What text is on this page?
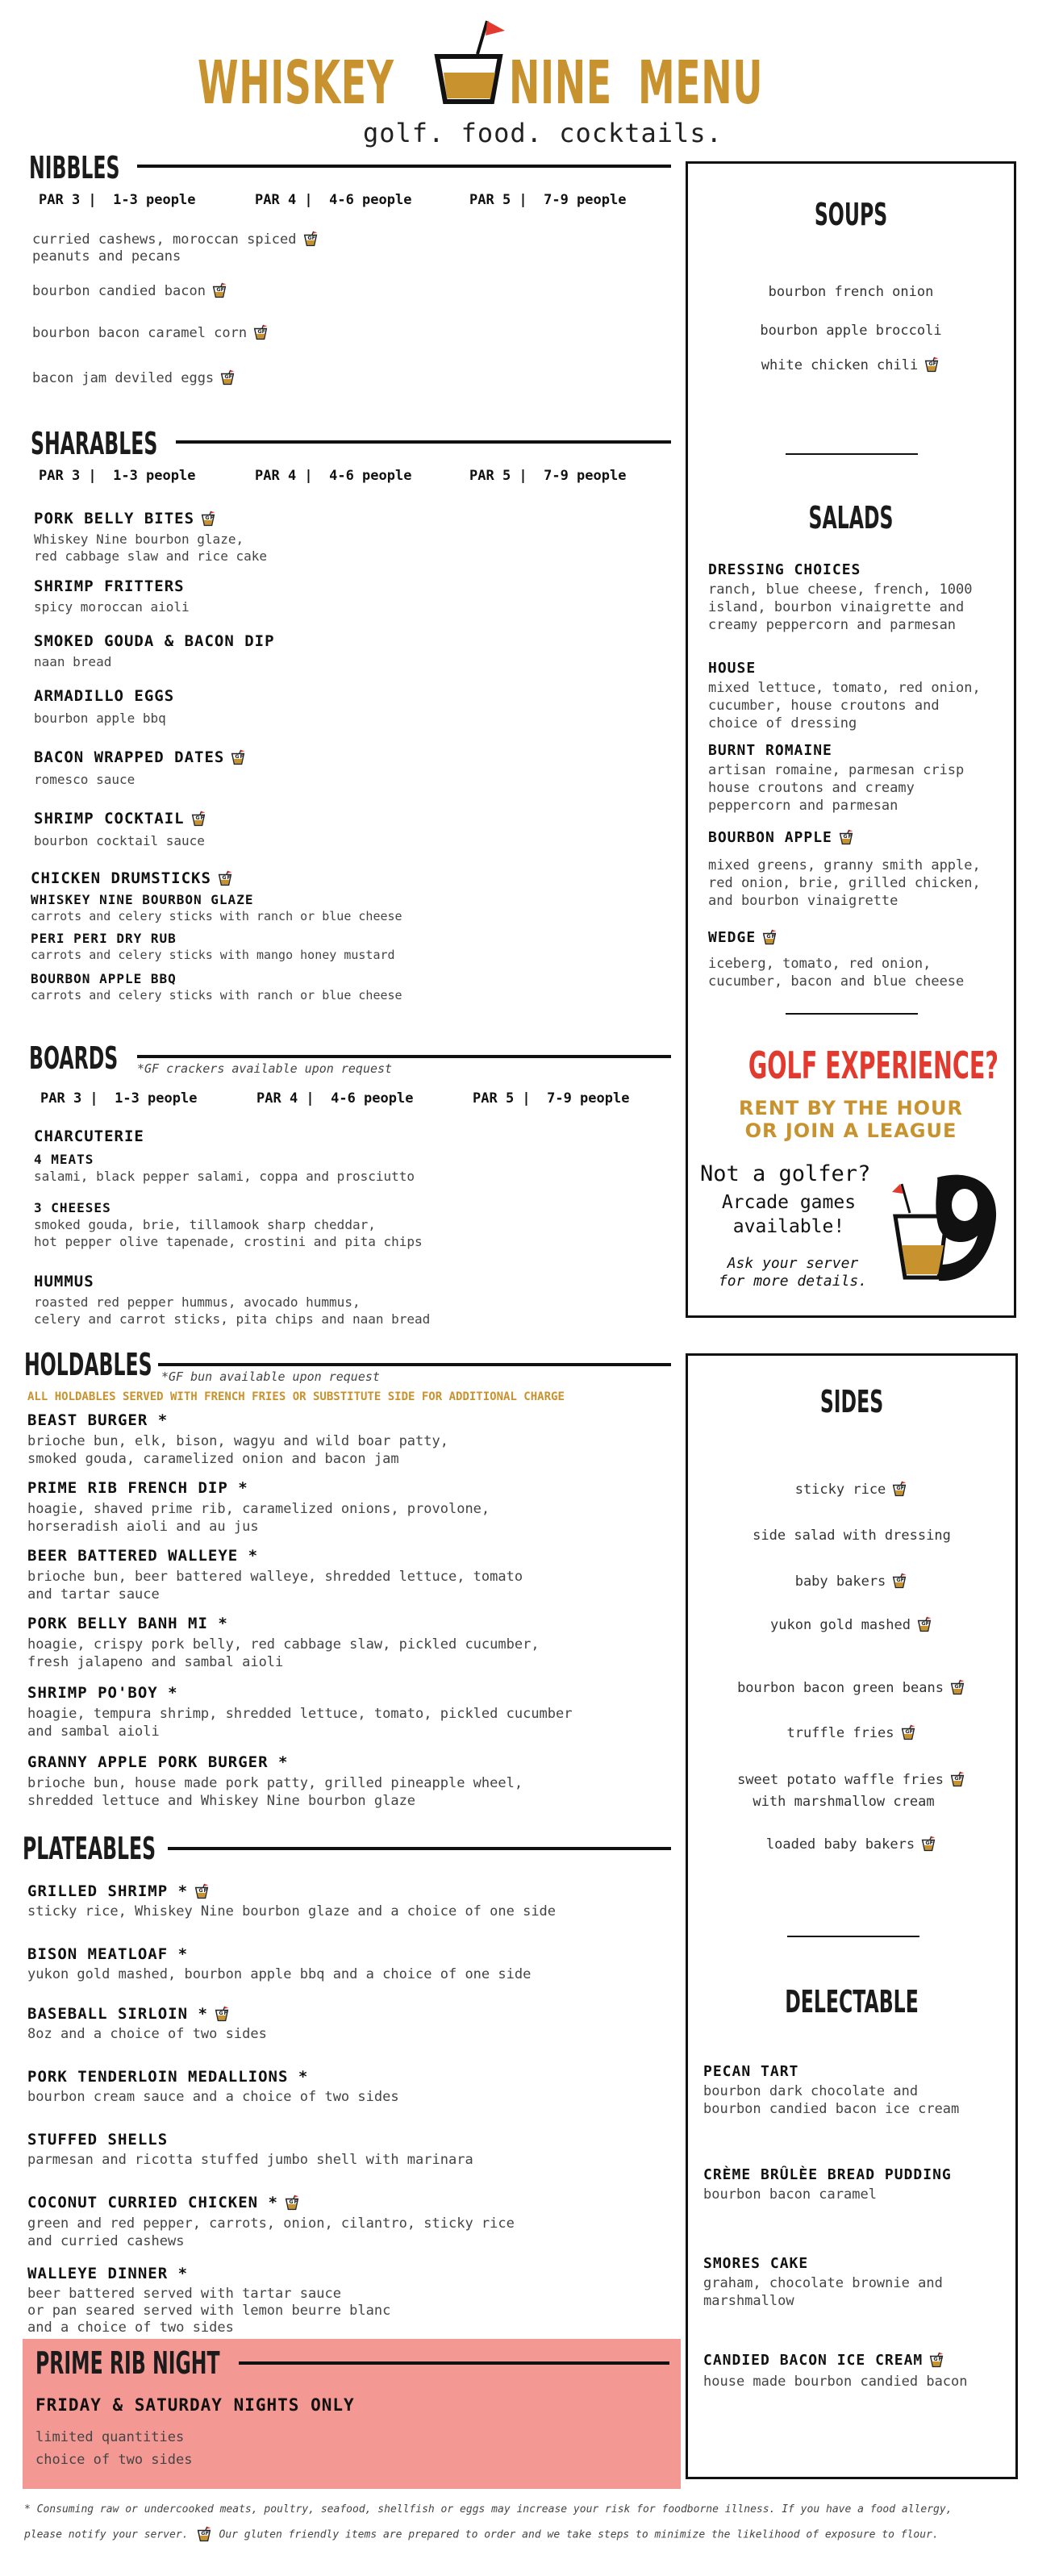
WHISKEY NINE MENU
golf. food. cocktails.
NIBBLES
PAR 3 |  1-3 people	PAR 4 |  4-6 people	PAR 5 |  7-9 people
curried cashews, moroccan spiced
peanuts and pecans
bourbon candied bacon
bourbon bacon caramel corn
bacon jam deviled eggs
SHARABLES
PAR 3 |  1-3 people	PAR 4 |  4-6 people	PAR 5 |  7-9 people
PORK BELLY BITES
Whiskey Nine bourbon glaze,
red cabbage slaw and rice cake
SHRIMP FRITTERS
spicy moroccan aioli
SMOKED GOUDA & BACON DIP
naan bread
ARMADILLO EGGS
bourbon apple bbq
BACON WRAPPED DATES
romesco sauce
SHRIMP COCKTAIL
bourbon cocktail sauce
CHICKEN DRUMSTICKS
WHISKEY NINE BOURBON GLAZE
carrots and celery sticks with ranch or blue cheese
PERI PERI DRY RUB
carrots and celery sticks with mango honey mustard
BOURBON APPLE BBQ
carrots and celery sticks with ranch or blue cheese
BOARDS *GF crackers available upon request
PAR 3 |  1-3 people	PAR 4 |  4-6 people	PAR 5 |  7-9 people
CHARCUTERIE
4 MEATS
salami, black pepper salami, coppa and prosciutto
3 CHEESES
smoked gouda, brie, tillamook sharp cheddar,
hot pepper olive tapenade, crostini and pita chips
HUMMUS
roasted red pepper hummus, avocado hummus,
celery and carrot sticks, pita chips and naan bread
HOLDABLES *GF bun available upon request
ALL HOLDABLES SERVED WITH FRENCH FRIES OR SUBSTITUTE SIDE FOR ADDITIONAL CHARGE
BEAST BURGER *
brioche bun, elk, bison, wagyu and wild boar patty,
smoked gouda, caramelized onion and bacon jam
PRIME RIB FRENCH DIP *
hoagie, shaved prime rib, caramelized onions, provolone,
horseradish aioli and au jus
BEER BATTERED WALLEYE *
brioche bun, beer battered walleye, shredded lettuce, tomato
and tartar sauce
PORK BELLY BANH MI *
hoagie, crispy pork belly, red cabbage slaw, pickled cucumber,
fresh jalapeno and sambal aioli
SHRIMP PO'BOY *
hoagie, tempura shrimp, shredded lettuce, tomato, pickled cucumber
and sambal aioli
GRANNY APPLE PORK BURGER *
brioche bun, house made pork patty, grilled pineapple wheel,
shredded lettuce and Whiskey Nine bourbon glaze
PLATEABLES
GRILLED SHRIMP *
sticky rice, Whiskey Nine bourbon glaze and a choice of one side
BISON MEATLOAF *
yukon gold mashed, bourbon apple bbq and a choice of one side
BASEBALL SIRLOIN *
8oz and a choice of two sides
PORK TENDERLOIN MEDALLIONS *
bourbon cream sauce and a choice of two sides
STUFFED SHELLS
parmesan and ricotta stuffed jumbo shell with marinara
COCONUT CURRIED CHICKEN *
green and red pepper, carrots, onion, cilantro, sticky rice
and curried cashews
WALLEYE DINNER *
beer battered served with tartar sauce
or pan seared served with lemon beurre blanc
and a choice of two sides
PRIME RIB NIGHT
FRIDAY & SATURDAY NIGHTS ONLY
limited quantities
choice of two sides
SOUPS
bourbon french onion
bourbon apple broccoli
white chicken chili
SALADS
DRESSING CHOICES
ranch, blue cheese, french, 1000
island, bourbon vinaigrette and
creamy peppercorn and parmesan
HOUSE
mixed lettuce, tomato, red onion,
cucumber, house croutons and
choice of dressing
BURNT ROMAINE
artisan romaine, parmesan crisp
house croutons and creamy
peppercorn and parmesan
BOURBON APPLE
mixed greens, granny smith apple,
red onion, brie, grilled chicken,
and bourbon vinaigrette
WEDGE
iceberg, tomato, red onion,
cucumber, bacon and blue cheese
GOLF EXPERIENCE?
RENT BY THE HOUR
OR JOIN A LEAGUE
Not a golfer?
Arcade games
available!
Ask your server
for more details.
SIDES
sticky rice
side salad with dressing
baby bakers
yukon gold mashed
bourbon bacon green beans
truffle fries
sweet potato waffle fries
with marshmallow cream
loaded baby bakers
DELECTABLE
PECAN TART
bourbon dark chocolate and
bourbon candied bacon ice cream
CRÈME BRÛLÈE BREAD PUDDING
bourbon bacon caramel
SMORES CAKE
graham, chocolate brownie and
marshmallow
CANDIED BACON ICE CREAM
house made bourbon candied bacon
* Consuming raw or undercooked meats, poultry, seafood, shellfish or eggs may increase your risk for foodborne illness. If you have a food allergy,
please notify your server.	Our gluten friendly items are prepared to order and we take steps to minimize the likelihood of exposure to flour.
